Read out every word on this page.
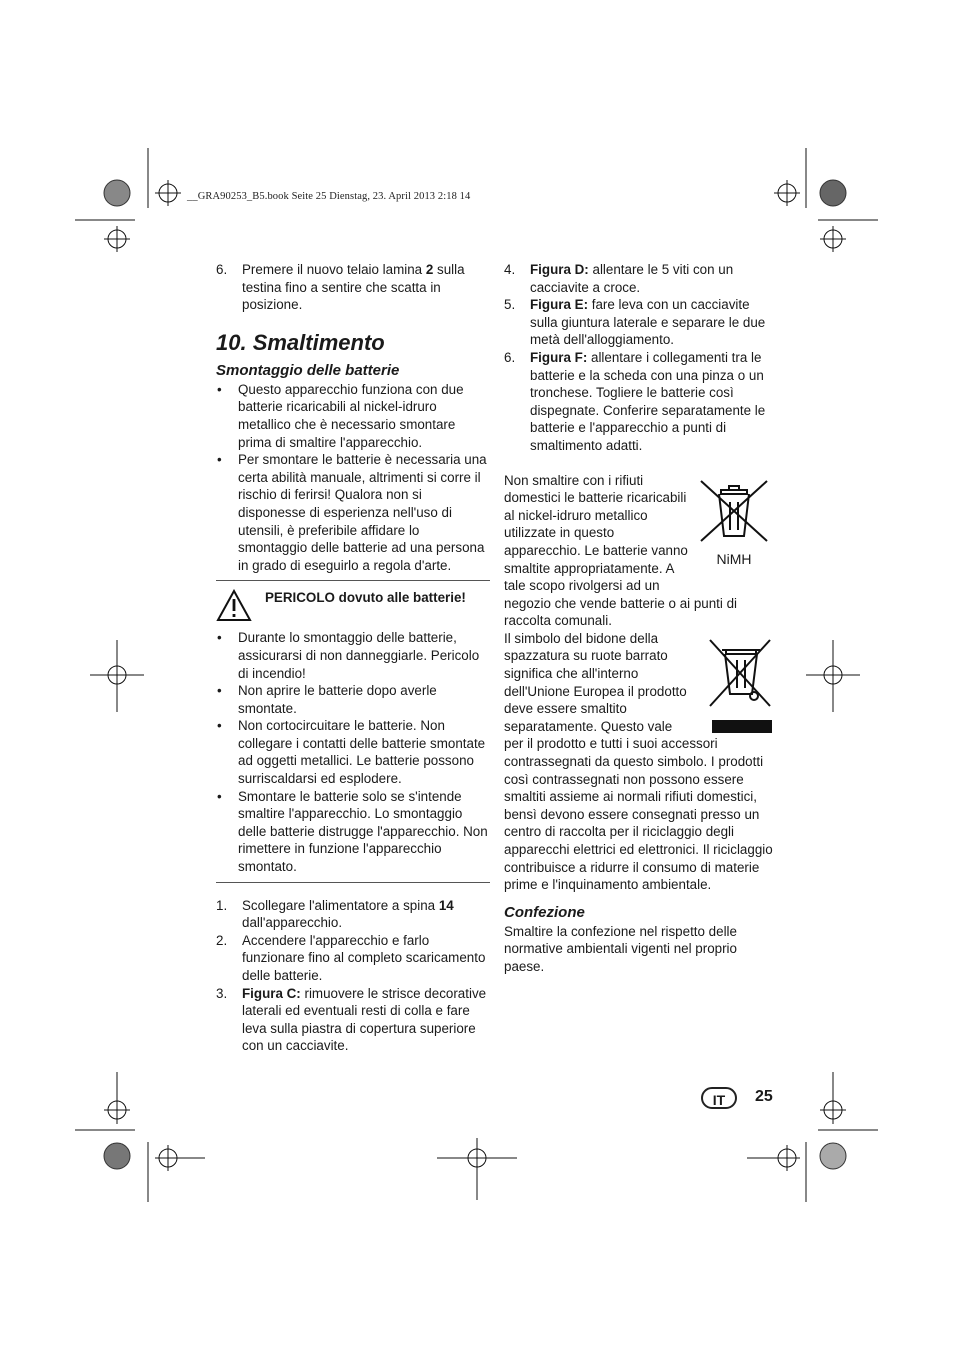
__GRA90253_B5.book Seite 25 Dienstag, 23. April 2013 2:18 14

6. Premere il nuovo telaio lamina 2 sulla testina fino a sentire che scatta in posizione.

10. Smaltimento
Smontaggio delle batterie

• Questo apparecchio funziona con due batterie ricaricabili al nickel-idruro metallico che è necessario smontare prima di smaltire l'apparecchio.

• Per smontare le batterie è necessaria una certa abilità manuale, altrimenti si corre il rischio di ferirsi! Qualora non si disponesse di esperienza nell'uso di utensili, è preferibile affidare lo smontaggio delle batterie ad una persona in grado di eseguirlo a regola d'arte.

PERICOLO dovuto alle batterie!

• Durante lo smontaggio delle batterie, assicurarsi di non danneggiarle. Pericolo di incendio!

• Non aprire le batterie dopo averle smontate.

• Non cortocircuitare le batterie. Non collegare i contatti delle batterie smontate ad oggetti metallici. Le batterie possono surriscaldarsi ed esplodere.

• Smontare le batterie solo se s'intende smaltire l'apparecchio. Lo smontaggio delle batterie distrugge l'apparecchio. Non rimettere in funzione l'apparecchio smontato.

1. Scollegare l'alimentatore a spina 14 dall'apparecchio.

2. Accendere l'apparecchio e farlo funzionare fino al completo scaricamento delle batterie.

3. Figura C: rimuovere le strisce decorative laterali ed eventuali resti di colla e fare leva sulla piastra di copertura superiore con un cacciavite.

4. Figura D: allentare le 5 viti con un cacciavite a croce.

5. Figura E: fare leva con un cacciavite sulla giuntura laterale e separare le due metà dell'alloggiamento.

6. Figura F: allentare i collegamenti tra le batterie e la scheda con una pinza o un tronchese. Togliere le batterie così dispegnate. Conferire separatamente le batterie e l'apparecchio a punti di smaltimento adatti.

Non smaltire con i rifiuti domestici le batterie ricaricabili al nickel-idruro metallico utilizzate in questo apparecchio. Le batterie vanno smaltite appropriatamente. A tale scopo rivolgersi ad un negozio che vende batterie o ai punti di raccolta comunali.

Il simbolo del bidone della spazzatura su ruote barrato significa che all'interno dell'Unione Europea il prodotto deve essere smaltito separatamente. Questo vale per il prodotto e tutti i suoi accessori contrassegnati da questo simbolo. I prodotti così contrassegnati non possono essere smaltiti assieme ai normali rifiuti domestici, bensì devono essere consegnati presso un centro di raccolta per il riciclaggio degli apparecchi elettrici ed elettronici. Il riciclaggio contribuisce a ridurre il consumo di materie prime e l'inquinamento ambientale.

Confezione

Smaltire la confezione nel rispetto delle normative ambientali vigenti nel proprio paese.

NiMH
IT	25
